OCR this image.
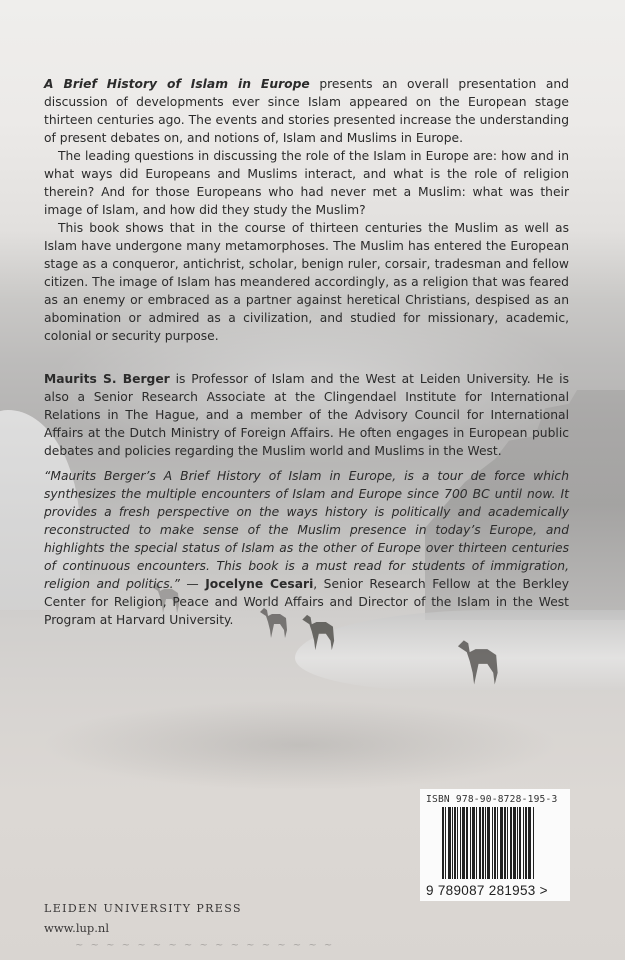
A Brief History of Islam in Europe presents an overall presentation and discussion of developments ever since Islam appeared on the European stage thirteen centuries ago. The events and stories presented increase the understanding of present debates on, and notions of, Islam and Muslims in Europe.

The leading questions in discussing the role of the Islam in Europe are: how and in what ways did Europeans and Muslims interact, and what is the role of religion therein? And for those Europeans who had never met a Muslim: what was their image of Islam, and how did they study the Muslim?

This book shows that in the course of thirteen centuries the Muslim as well as Islam have undergone many metamorphoses. The Muslim has entered the European stage as a conqueror, antichrist, scholar, benign ruler, corsair, tradesman and fellow citizen. The image of Islam has meandered accordingly, as a religion that was feared as an enemy or embraced as a partner against heretical Christians, despised as an abomination or admired as a civilization, and studied for missionary, academic, colonial or security purpose.

Maurits S. Berger is Professor of Islam and the West at Leiden University. He is also a Senior Research Associate at the Clingendael Institute for International Relations in The Hague, and a member of the Advisory Council for International Affairs at the Dutch Ministry of Foreign Affairs. He often engages in European public debates and policies regarding the Muslim world and Muslims in the West.

“Maurits Berger’s A Brief History of Islam in Europe, is a tour de force which synthesizes the multiple encounters of Islam and Europe since 700 BC until now. It provides a fresh perspective on the ways history is politically and academically reconstructed to make sense of the Muslim presence in today’s Europe, and highlights the special status of Islam as the other of Europe over thirteen centuries of continuous encounters. This book is a must read for students of immigration, religion and politics.” — Jocelyne Cesari, Senior Research Fellow at the Berkley Center for Religion, Peace and World Affairs and Director of the Islam in the West Program at Harvard University.

ISBN 978-90-8728-195-3
9 789087 281953 >
LEIDEN UNIVERSITY PRESS
www.lup.nl
~ ~ ~ ~ ~ ~ ~ ~ ~ ~ ~ ~ ~ ~ ~ ~ ~
